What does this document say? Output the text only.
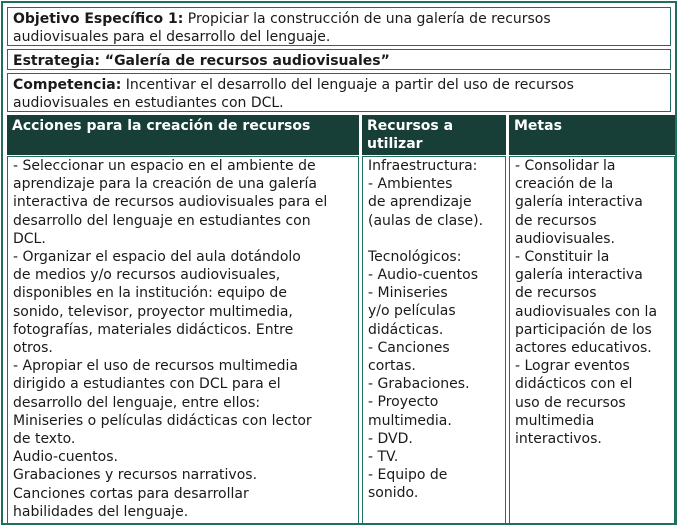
Objetivo Específico 1: Propiciar la construcción de una galería de recursos
audiovisuales para el desarrollo del lenguaje.
Estrategia: “Galería de recursos audiovisuales”
Competencia: Incentivar el desarrollo del lenguaje a partir del uso de recursos
audiovisuales en estudiantes con DCL.
Acciones para la creación de recursos	Recursos a
utilizar
Metas
- Seleccionar un espacio en el ambiente de
aprendizaje para la creación de una galería
interactiva de recursos audiovisuales para el
desarrollo del lenguaje en estudiantes con
DCL.
- Organizar el espacio del aula dotándolo
de medios y/o recursos audiovisuales,
disponibles en la institución: equipo de
sonido, televisor, proyector multimedia,
fotografías, materiales didácticos. Entre
otros.
- Apropiar el uso de recursos multimedia
dirigido a estudiantes con DCL para el
desarrollo del lenguaje, entre ellos:
Miniseries o películas didácticas con lector
de texto.
Audio-cuentos.
Grabaciones y recursos narrativos.
Canciones cortas para desarrollar
habilidades del lenguaje.
Infraestructura:
- Ambientes
de aprendizaje
(aulas de clase).
Tecnológicos:
- Audio-cuentos
- Miniseries
y/o películas
didácticas.
- Canciones
cortas.
- Grabaciones.
- Proyecto
multimedia.
- DVD.
- TV.
- Equipo de
sonido.
- Consolidar la
creación de la
galería interactiva
de recursos
audiovisuales.
- Constituir la
galería interactiva
de recursos
audiovisuales con la
participación de los
actores educativos.
- Lograr eventos
didácticos con el
uso de recursos
multimedia
interactivos.
